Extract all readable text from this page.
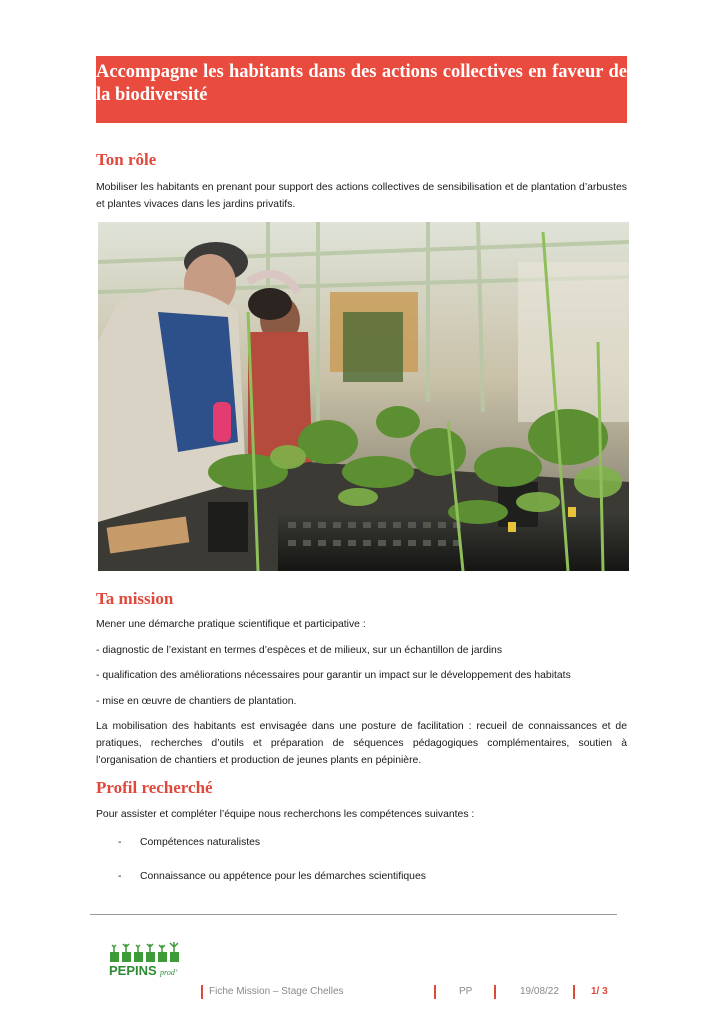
Accompagne les habitants dans des actions collectives en faveur de la biodiversité

Ton rôle

Mobiliser les habitants en prenant pour support des actions collectives de sensibilisation et de plantation d’arbustes et plantes vivaces dans les jardins privatifs.

Ta mission

Mener une démarche pratique scientifique et participative :

- diagnostic de l’existant en termes d’espèces et de milieux, sur un échantillon de jardins

- qualification des améliorations nécessaires pour garantir un impact sur le développement des habitats

- mise en œuvre de chantiers de plantation.

La mobilisation des habitants est envisagée dans une posture de facilitation : recueil de connaissances et de pratiques, recherches d’outils et préparation de séquences pédagogiques complémentaires, soutien à l’organisation de chantiers et production de jeunes plants en pépinière.

Profil recherché

Pour assister et compléter l’équipe nous recherchons les compétences suivantes :

- Compétences naturalistes
- Connaissance ou appétence pour les démarches scientifiques
PEPINS prod’
Fiche Mission – Stage Chelles	PP	19/08/22	1/ 3
